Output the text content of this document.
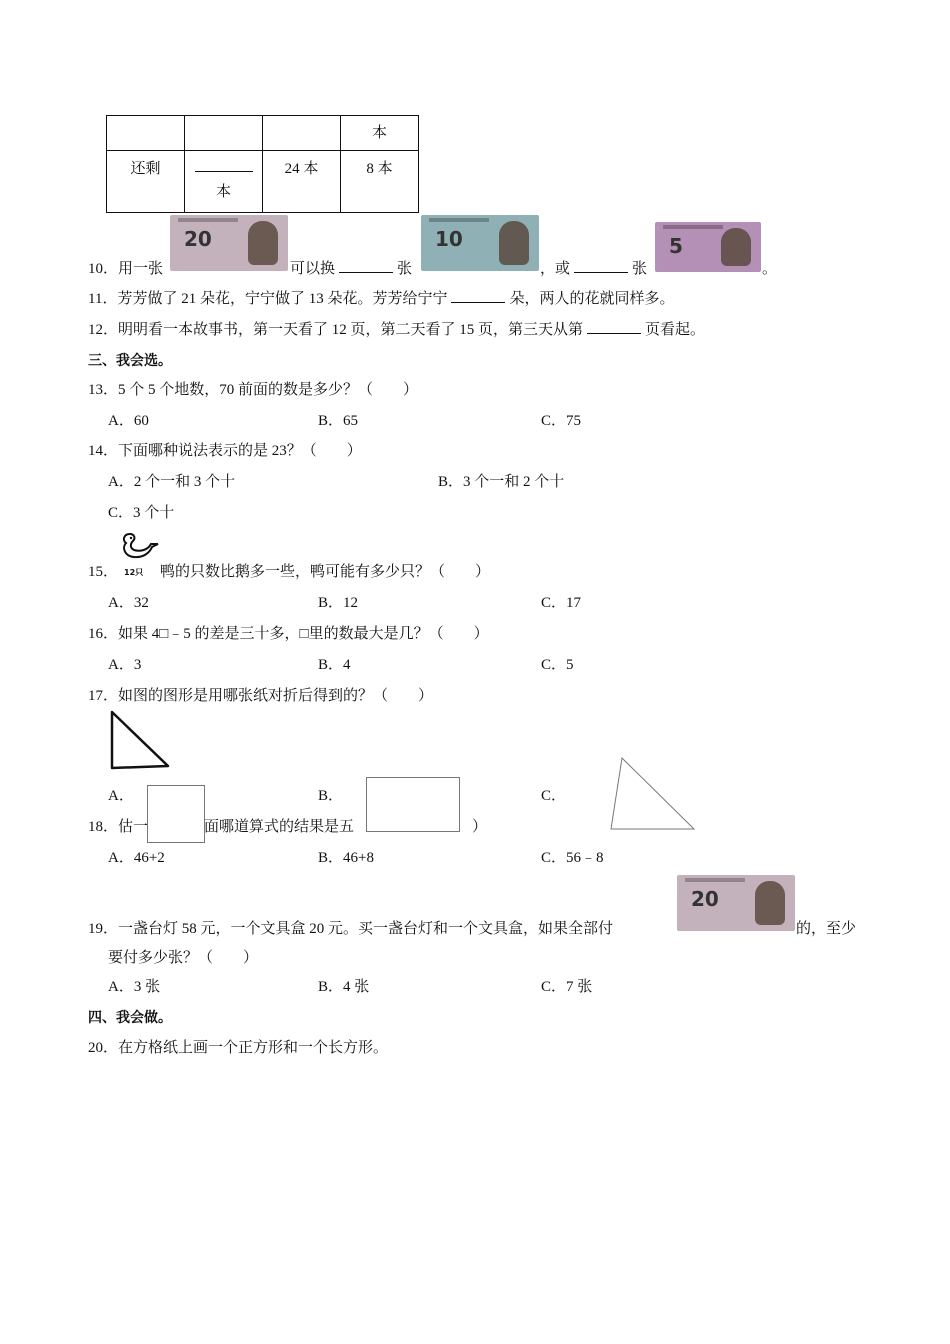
			本
还剩	本	24 本	8 本
20	10	5
10．用一张	可以换	张	，或	张	。
11．芳芳做了 21 朵花，宁宁做了 13 朵花。芳芳给宁宁	朵，两人的花就同样多。
12．明明看一本故事书，第一天看了 12 页，第二天看了 15 页，第三天从第	页看起。
三、我会选。
13．5 个 5 个地数，70 前面的数是多少？（　　）
A．60	B．65	C．75
14．下面哪种说法表示的是 23？（　　）
A．2 个一和 3 个十	B．3 个一和 2 个十
C．3 个十
12只
15．	鸭的只数比鹅多一些，鸭可能有多少只？（　　）
A．32	B．12	C．17
16．如果 4□﹣5 的差是三十多，□里的数最大是几？（　　）
A．3	B．4	C．5
17．如图的图形是用哪张纸对折后得到的？（　　）
A．	B．	C．
18．估一	面哪道算式的结果是五	）
A．46+2	B．46+8	C．56﹣8
20
19．一盏台灯 58 元，一个文具盒 20 元。买一盏台灯和一个文具盒，如果全部付	的，至少
要付多少张？（　　）
A．3 张	B．4 张	C．7 张
四、我会做。
20．在方格纸上画一个正方形和一个长方形。
